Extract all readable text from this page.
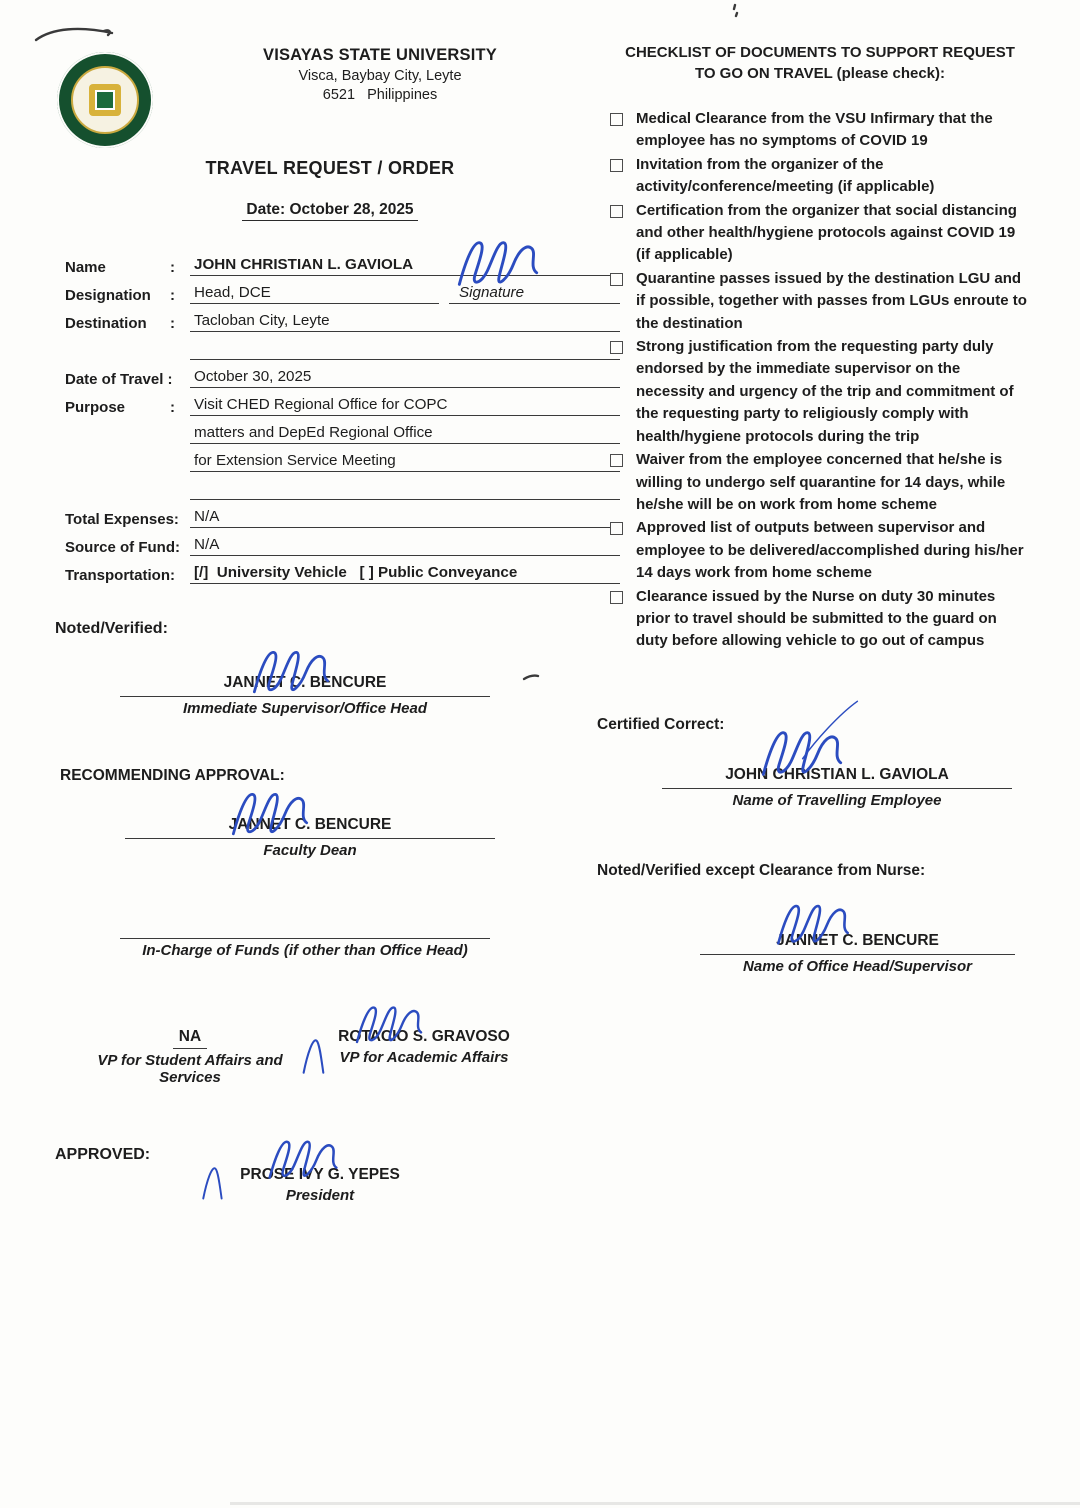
VISAYAS STATE UNIVERSITY
Visca, Baybay City, Leyte
6521   Philippines
TRAVEL REQUEST / ORDER

Date: October 28, 2025
Name	:	JOHN CHRISTIAN L. GAVIOLA
Designation	:	Head, DCE	Signature
Destination	:	Tacloban City, Leyte
Date of Travel :	October 30, 2025
Purpose	:	Visit CHED Regional Office for COPC
matters and DepEd Regional Office
for Extension Service Meeting
Total Expenses: N/A
Source of Fund: N/A
Transportation:	[/]  University Vehicle   [ ] Public Conveyance
Noted/Verified:
JANNET C. BENCURE
Immediate Supervisor/Office Head
RECOMMENDING APPROVAL:
JANNET C. BENCURE
Faculty Dean
In-Charge of Funds (if other than Office Head)
NA
VP for Student Affairs and Services
ROTACIO S. GRAVOSO
VP for Academic Affairs
APPROVED:
PROSE IVY G. YEPES
President
CHECKLIST OF DOCUMENTS TO SUPPORT REQUEST
TO GO ON TRAVEL (please check):
Medical Clearance from the VSU Infirmary that the employee has no symptoms of COVID 19
Invitation from the organizer of the activity/conference/meeting (if applicable)
Certification from the organizer that social distancing and other health/hygiene protocols against COVID 19 (if applicable)
Quarantine passes issued by the destination LGU and if possible, together with passes from LGUs enroute to the destination
Strong justification from the requesting party duly endorsed by the immediate supervisor on the necessity and urgency of the trip and commitment of the requesting party to religiously comply with health/hygiene protocols during the trip
Waiver from the employee concerned that he/she is willing to undergo self quarantine for 14 days, while he/she will be on work from home scheme
Approved list of outputs between supervisor and employee to be delivered/accomplished during his/her 14 days work from home scheme
Clearance issued by the Nurse on duty 30 minutes prior to travel should be submitted to the guard on duty before allowing vehicle to go out of campus
Certified Correct:
JOHN CHRISTIAN L. GAVIOLA
Name of Travelling Employee
Noted/Verified except Clearance from Nurse:
JANNET C. BENCURE
Name of Office Head/Supervisor
